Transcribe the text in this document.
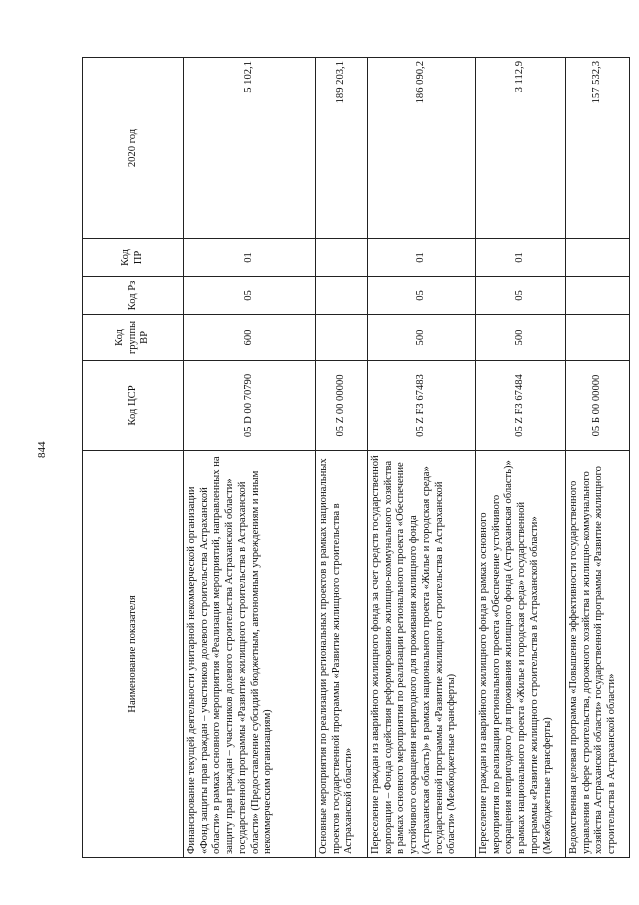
844
Наименование показателя	Код ЦСР	Код группы ВР	Код Рз	Код ПР	2020 год
Финансирование текущей деятельности унитарной некоммерческой организации «Фонд защиты прав граждан – участников долевого строительства Астраханской области» в рамках основного мероприятия «Реализация мероприятий, направленных на защиту прав граждан – участников долевого строительства Астраханской области» государственной программы «Развитие жилищного строительства в Астраханской области» (Предоставление субсидий бюджетным, автономным учреждениям и иным некоммерческим организациям)	05 D 00 70790	600	05	01	5 102,1
Основные мероприятия по реализации региональных проектов в рамках национальных проектов государственной программы «Развитие жилищного строительства в Астраханской области»	05 Z 00 00000				189 203,1
Переселение граждан из аварийного жилищного фонда за счет средств государственной корпорации – Фонда содействия реформированию жилищно-коммунального хозяйства в рамках основного мероприятия по реализации регионального проекта «Обеспечение устойчивого сокращения непригодного для проживания жилищного фонда (Астраханская область)» в рамках национального проекта «Жилье и городская среда» государственной программы «Развитие жилищного строительства в Астраханской области» (Межбюджетные трансферты)	05 Z F3 67483	500	05	01	186 090,2
Переселение граждан из аварийного жилищного фонда в рамках основного мероприятия по реализации регионального проекта «Обеспечение устойчивого сокращения непригодного для проживания жилищного фонда (Астраханская область)» в рамках национального проекта «Жилье и городская среда» государственной программы «Развитие жилищного строительства в Астраханской области» (Межбюджетные трансферты)	05 Z F3 67484	500	05	01	3 112,9
Ведомственная целевая программа «Повышение эффективности государственного управления в сфере строительства, дорожного хозяйства и жилищно-коммунального хозяйства Астраханской области» государственной программы «Развитие жилищного строительства в Астраханской области»	05 Б 00 00000				157 532,3
